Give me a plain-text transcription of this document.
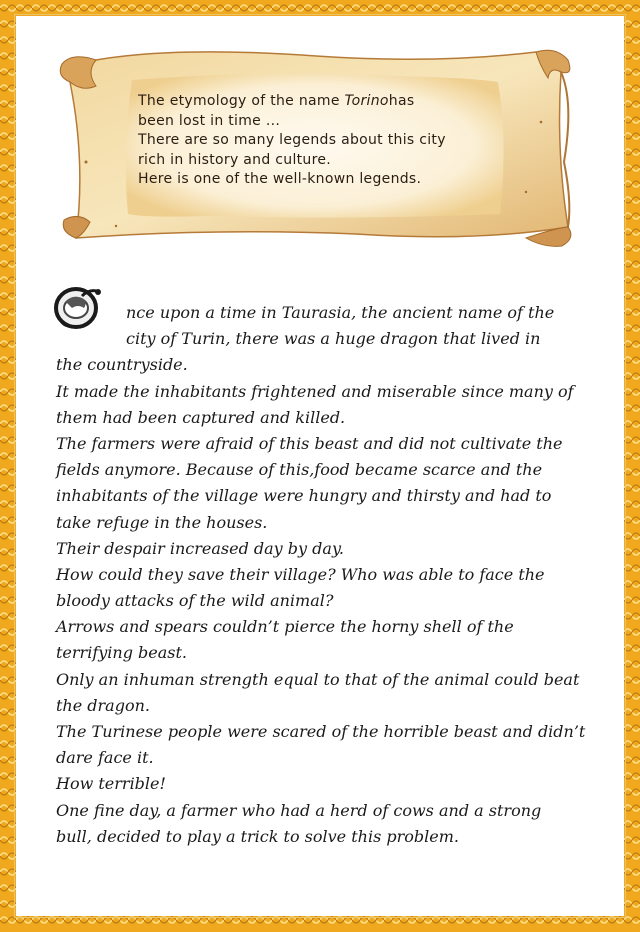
The etymology of the name Torinohas
been lost in time ...
There are so many legends about this city
rich in history and culture.
Here is one of the well-known legends.
nce upon a time in Taurasia, the ancient name of the
city of Turin, there was a huge dragon that lived in
the countryside.
It made the inhabitants frightened and miserable since many of
them had been captured and killed.
The farmers were afraid of this beast and did not cultivate the
fields anymore. Because of this,food became scarce and the
inhabitants of the village were hungry and thirsty and had to
take refuge in the houses.
Their despair increased day by day.
How could they save their village? Who was able to face the
bloody attacks of the wild animal?
Arrows and spears couldn’t pierce the horny shell of the
terrifying beast.
Only an inhuman strength equal to that of the animal could beat
the dragon.
The Turinese people were scared of the horrible beast and didn’t
dare face it.
How terrible!
One fine day, a farmer who had a herd of cows and a strong
bull, decided to play a trick to solve this problem.
